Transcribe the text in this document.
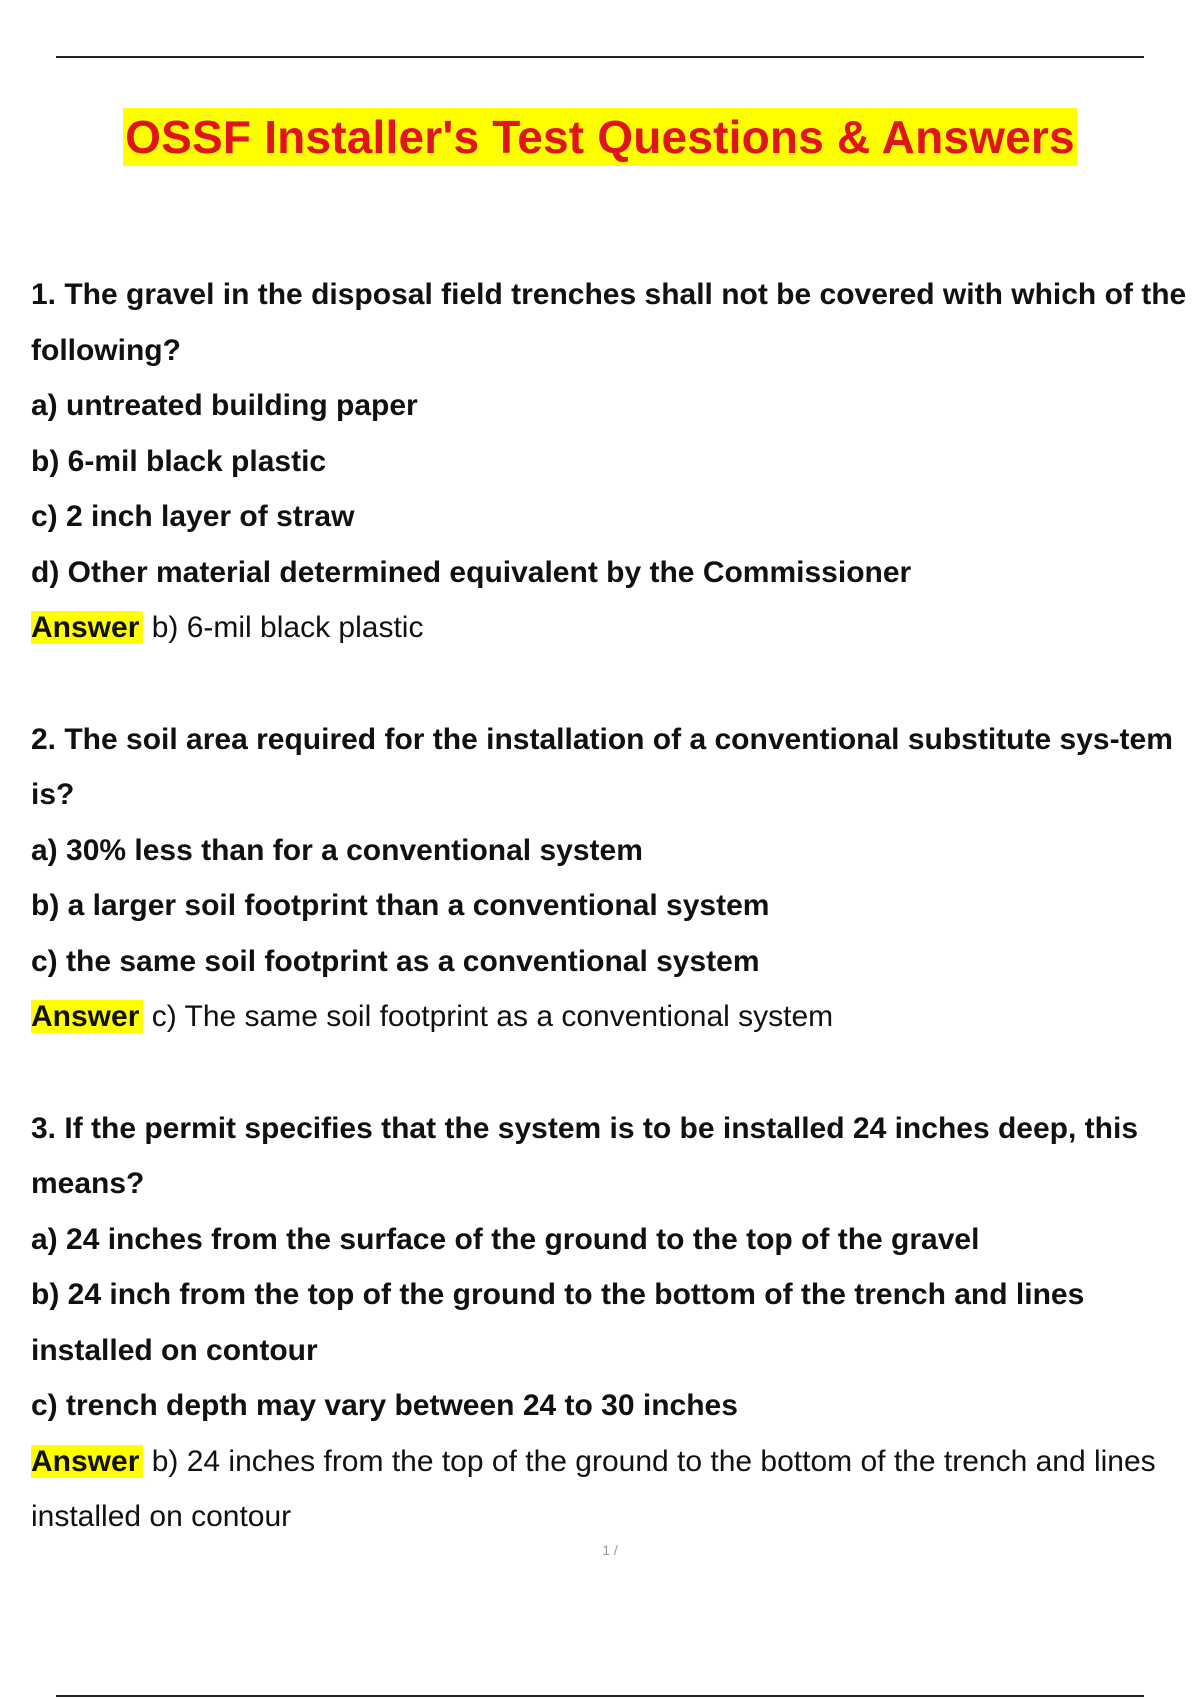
OSSF Installer's Test Questions & Answers

1. The gravel in the disposal field trenches shall not be covered with which of the following?

a) untreated building paper

b) 6-mil black plastic

c) 2 inch layer of straw

d) Other material determined equivalent by the Commissioner

Answer b) 6-mil black plastic

2. The soil area required for the installation of a conventional substitute sys-tem is?

a) 30% less than for a conventional system

b) a larger soil footprint than a conventional system

c) the same soil footprint as a conventional system

Answer c) The same soil footprint as a conventional system

3. If the permit specifies that the system is to be installed 24 inches deep, this means?

a) 24 inches from the surface of the ground to the top of the gravel

b) 24 inch from the top of the ground to the bottom of the trench and lines installed on contour

c) trench depth may vary between 24 to 30 inches

Answer b) 24 inches from the top of the ground to the bottom of the trench and lines installed on contour

1 /
